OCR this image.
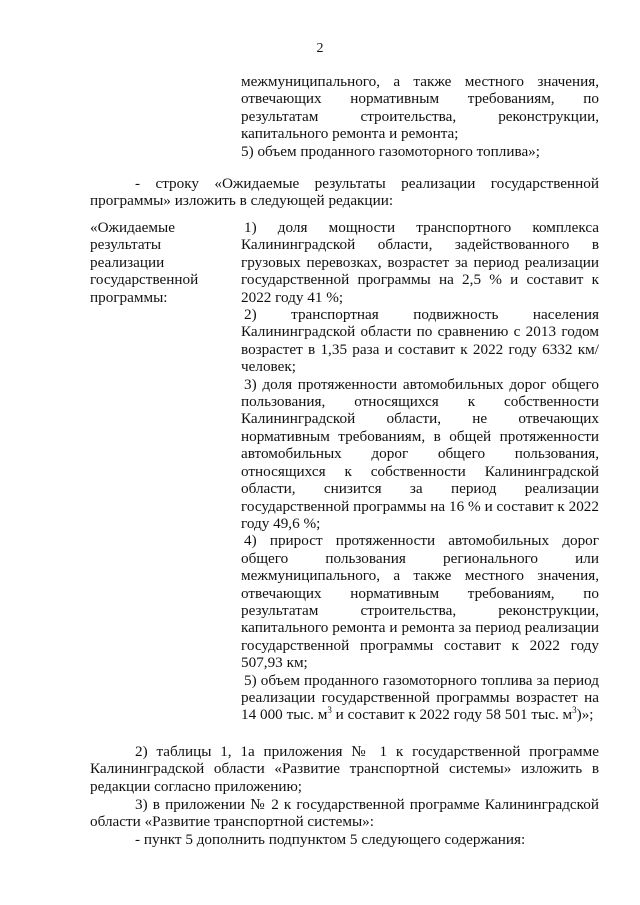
2

межмуниципального, а также местного значения, отвечающих нормативным требованиям, по результатам строительства, реконструкции, капитального ремонта и ремонта;

5) объем проданного газомоторного топлива»;

- строку «Ожидаемые результаты реализации государственной программы» изложить в следующей редакции:

«Ожидаемые
результаты
реализации
государственной
программы:

1) доля мощности транспортного комплекса Калининградской области, задействованного в грузовых перевозках, возрастет за период реализации государственной программы на 2,5 % и составит к 2022 году 41 %;

2) транспортная подвижность населения Калининградской области по сравнению с 2013 годом возрастет в 1,35 раза и составит к 2022 году 6332 км/человек;

3) доля протяженности автомобильных дорог общего пользования, относящихся к собственности Калининградской области, не отвечающих нормативным требованиям, в общей протяженности автомобильных дорог общего пользования, относящихся к собственности Калининградской области, снизится за период реализации государственной программы на 16 % и составит к 2022 году 49,6 %;

4) прирост протяженности автомобильных дорог общего пользования регионального или межмуниципального, а также местного значения, отвечающих нормативным требованиям, по результатам строительства, реконструкции, капитального ремонта и ремонта за период реализации государственной программы составит к 2022 году 507,93 км;

5) объем проданного газомоторного топлива за период реализации государственной программы возрастет на 14 000 тыс. $м^3$ и составит к 2022 году 58 501 тыс. $м^3$)»;

2) таблицы 1, 1а приложения № 1 к государственной программе Калининградской области «Развитие транспортной системы» изложить в редакции согласно приложению;

3) в приложении № 2 к государственной программе Калининградской области «Развитие транспортной системы»:

- пункт 5 дополнить подпунктом 5 следующего содержания:
